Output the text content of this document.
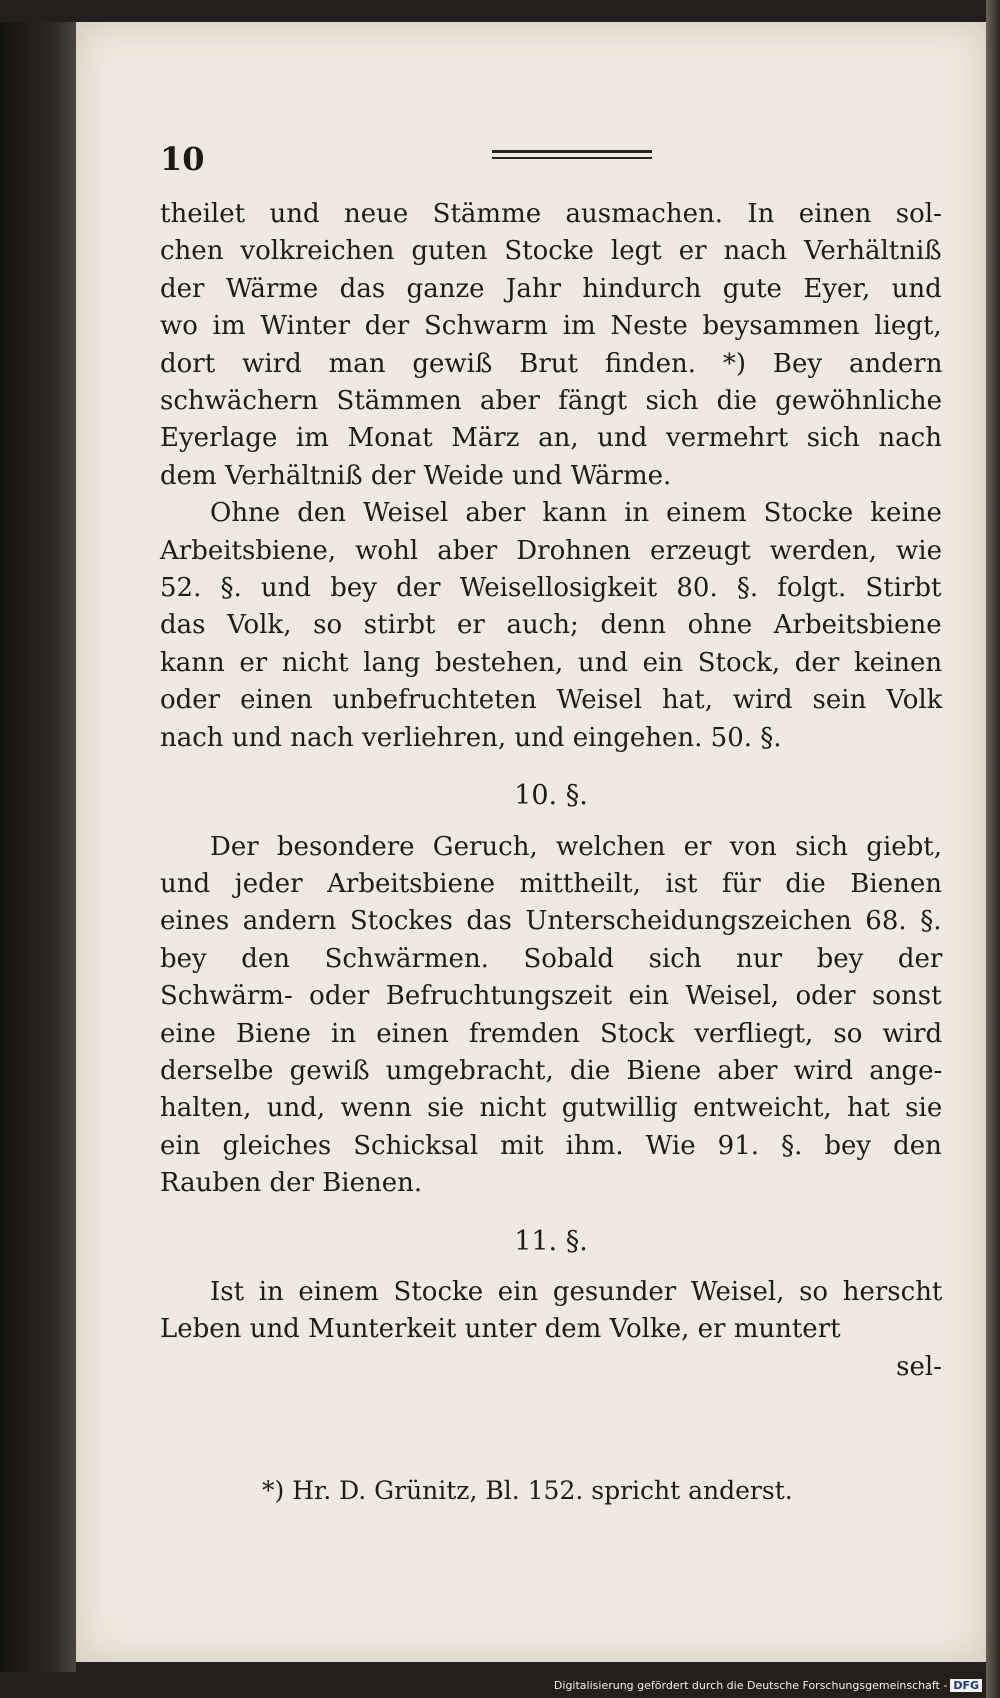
10
theilet und neue Stämme ausmachen. In einen sol-
chen volkreichen guten Stocke legt er nach Verhältniß
der Wärme das ganze Jahr hindurch gute Eyer, und
wo im Winter der Schwarm im Neste beysammen liegt,
dort wird man gewiß Brut finden. *) Bey andern
schwächern Stämmen aber fängt sich die gewöhnliche
Eyerlage im Monat März an, und vermehrt sich nach
dem Verhältniß der Weide und Wärme.
Ohne den Weisel aber kann in einem Stocke keine
Arbeitsbiene, wohl aber Drohnen erzeugt werden, wie
52. §. und bey der Weisellosigkeit 80. §. folgt. Stirbt
das Volk, so stirbt er auch; denn ohne Arbeitsbiene
kann er nicht lang bestehen, und ein Stock, der keinen
oder einen unbefruchteten Weisel hat, wird sein Volk
nach und nach verliehren, und eingehen. 50. §.
10. §.
Der besondere Geruch, welchen er von sich giebt,
und jeder Arbeitsbiene mittheilt, ist für die Bienen
eines andern Stockes das Unterscheidungszeichen 68. §.
bey den Schwärmen. Sobald sich nur bey der
Schwärm- oder Befruchtungszeit ein Weisel, oder sonst
eine Biene in einen fremden Stock verfliegt, so wird
derselbe gewiß umgebracht, die Biene aber wird ange-
halten, und, wenn sie nicht gutwillig entweicht, hat sie
ein gleiches Schicksal mit ihm. Wie 91. §. bey den
Rauben der Bienen.
11. §.
Ist in einem Stocke ein gesunder Weisel, so herscht
Leben und Munterkeit unter dem Volke, er muntert
sel-
*) Hr. D. Grünitz, Bl. 152. spricht anderst.
Digitalisierung gefördert durch die Deutsche Forschungsgemeinschaft - DFG
